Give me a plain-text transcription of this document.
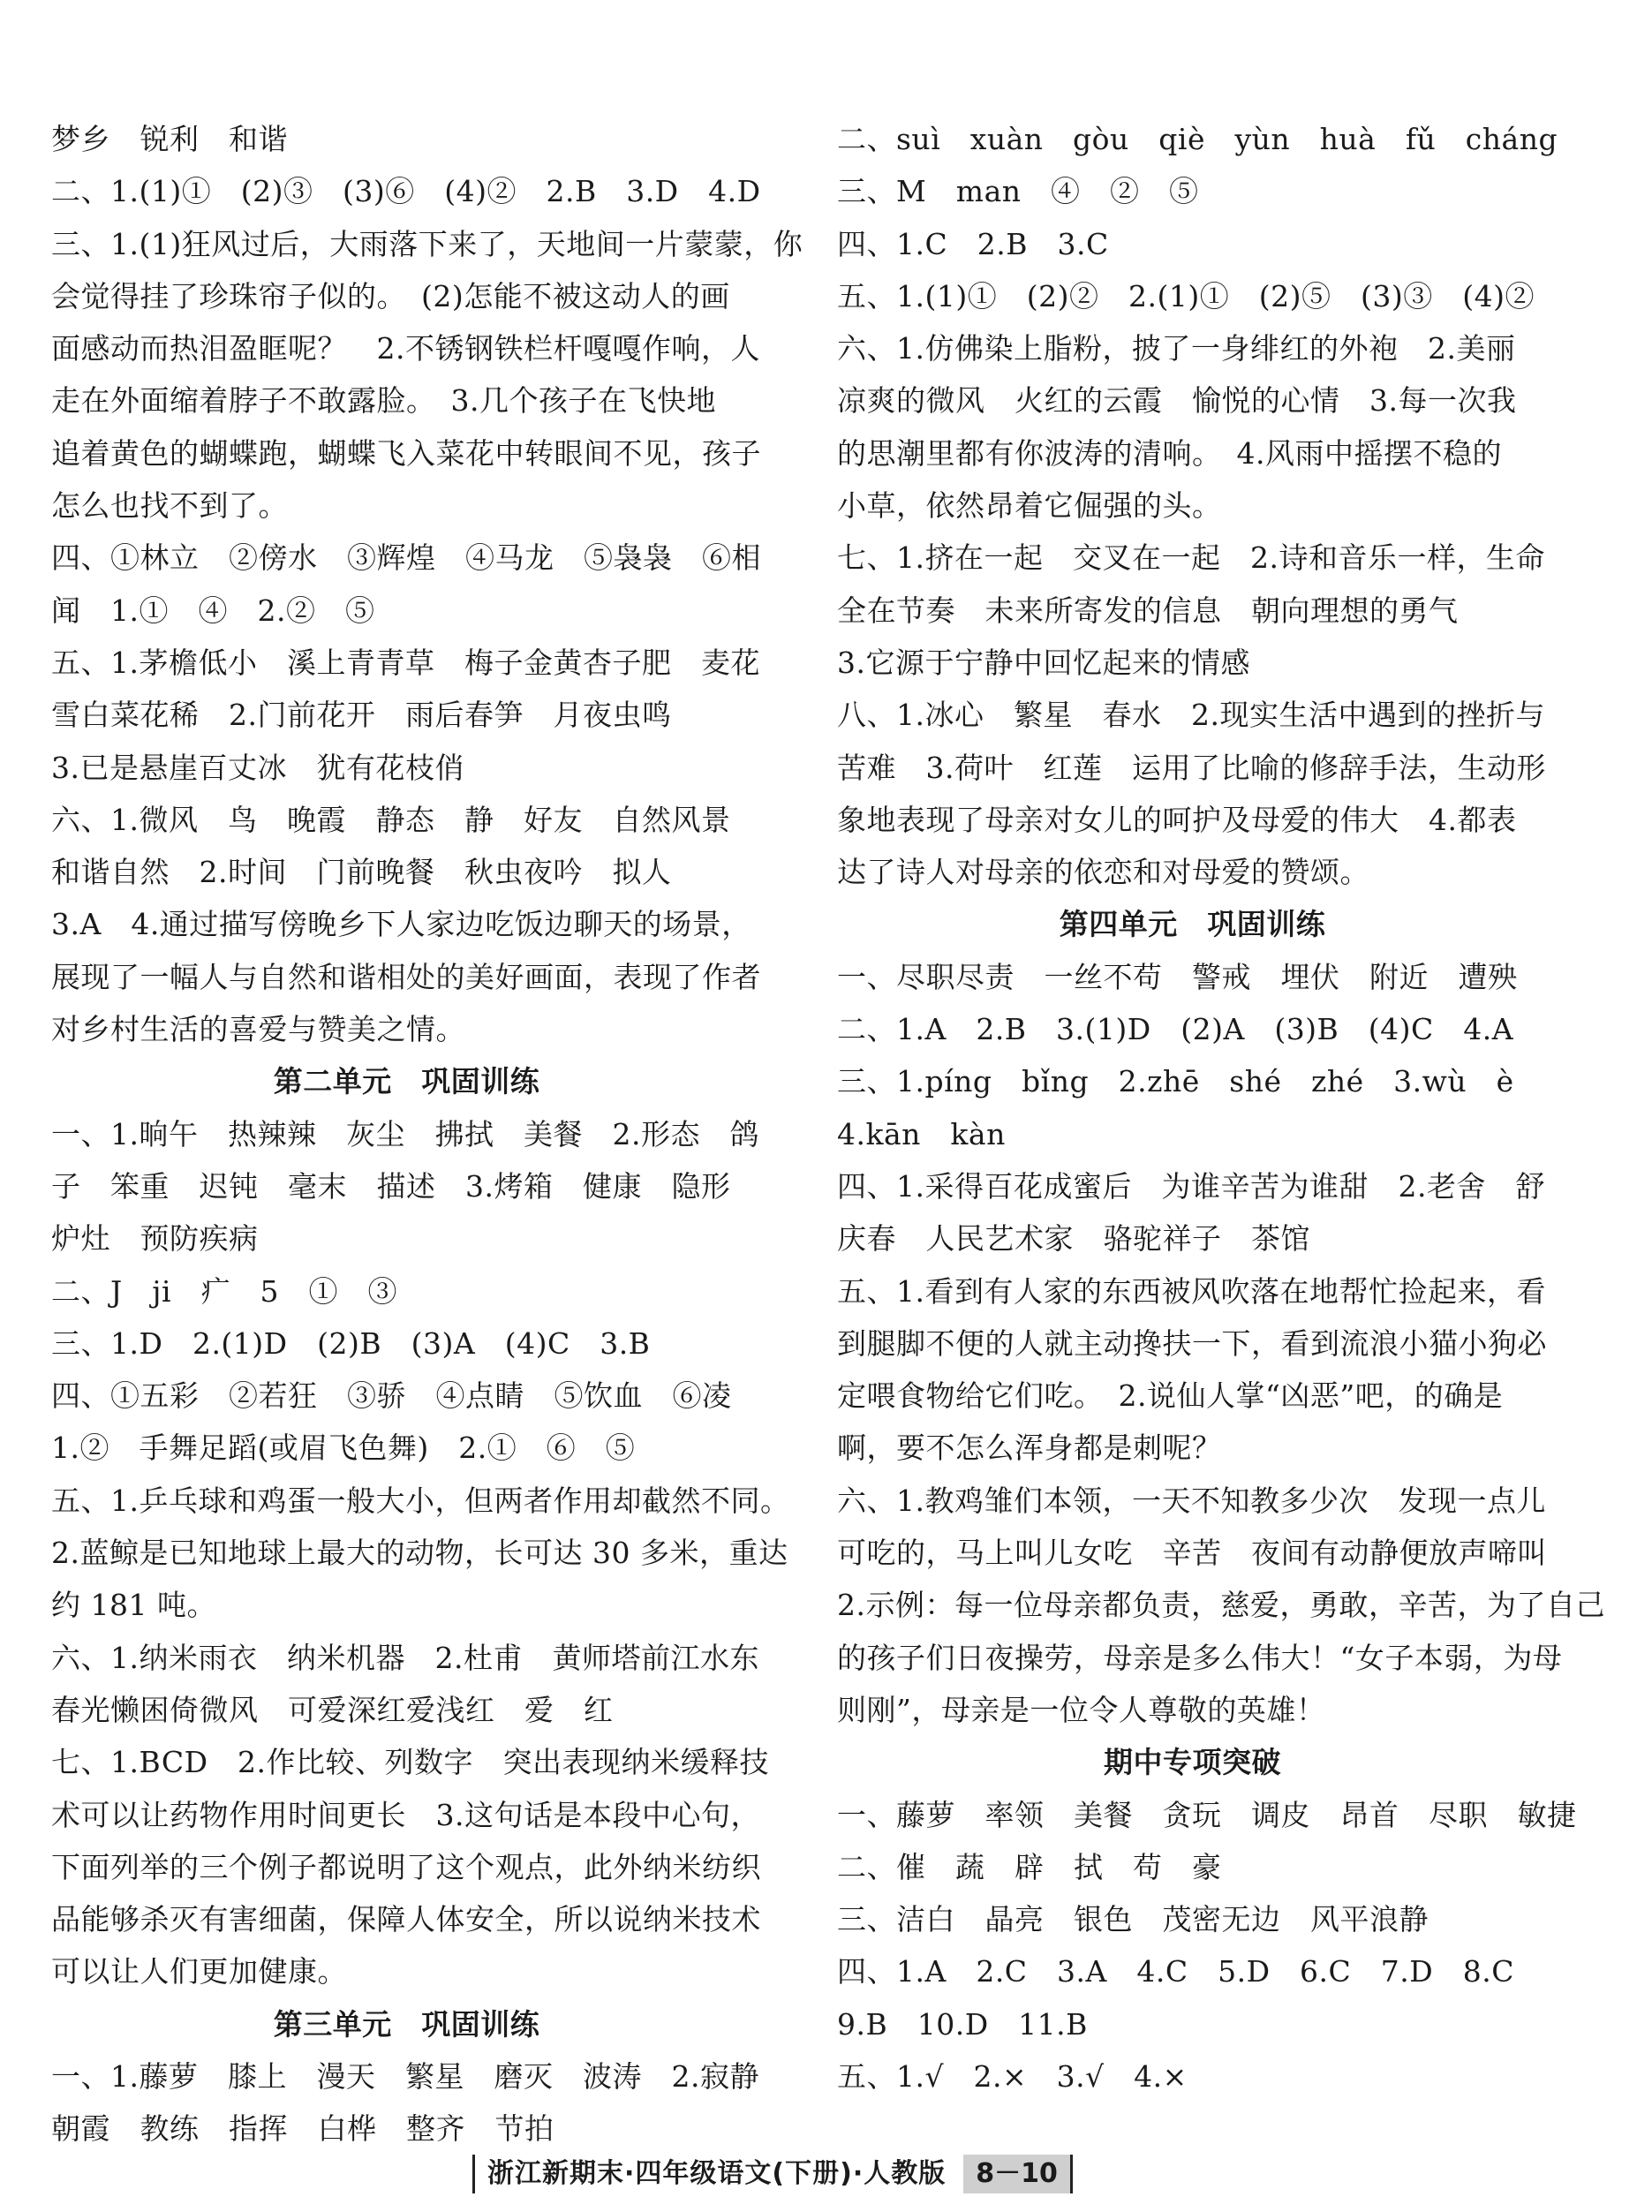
梦乡　锐利　和谐
二、1.(1)①　(2)③　(3)⑥　(4)②　2.B　3.D　4.D
三、1.(1)狂风过后，大雨落下来了，天地间一片蒙蒙，你
会觉得挂了珍珠帘子似的。　(2)怎能不被这动人的画
面感动而热泪盈眶呢？　2.不锈钢铁栏杆嘎嘎作响，人
走在外面缩着脖子不敢露脸。　3.几个孩子在飞快地
追着黄色的蝴蝶跑，蝴蝶飞入菜花中转眼间不见，孩子
怎么也找不到了。
四、①林立　②傍水　③辉煌　④马龙　⑤袅袅　⑥相
闻　1.①　④　2.②　⑤
五、1.茅檐低小　溪上青青草　梅子金黄杏子肥　麦花
雪白菜花稀　2.门前花开　雨后春笋　月夜虫鸣
3.已是悬崖百丈冰　犹有花枝俏
六、1.微风　鸟　晚霞　静态　静　好友　自然风景
和谐自然　2.时间　门前晚餐　秋虫夜吟　拟人
3.A　4.通过描写傍晚乡下人家边吃饭边聊天的场景，
展现了一幅人与自然和谐相处的美好画面，表现了作者
对乡村生活的喜爱与赞美之情。
第二单元　巩固训练
一、1.晌午　热辣辣　灰尘　拂拭　美餐　2.形态　鸽
子　笨重　迟钝　毫末　描述　3.烤箱　健康　隐形
炉灶　预防疾病
二、J　ji　疒　5　①　③
三、1.D　2.(1)D　(2)B　(3)A　(4)C　3.B
四、①五彩　②若狂　③骄　④点睛　⑤饮血　⑥凌
1.②　手舞足蹈(或眉飞色舞)　2.①　⑥　⑤
五、1.乒乓球和鸡蛋一般大小，但两者作用却截然不同。
2.蓝鲸是已知地球上最大的动物，长可达 30 多米，重达
约 181 吨。
六、1.纳米雨衣　纳米机器　2.杜甫　黄师塔前江水东
春光懒困倚微风　可爱深红爱浅红　爱　红
七、1.BCD　2.作比较、列数字　突出表现纳米缓释技
术可以让药物作用时间更长　3.这句话是本段中心句，
下面列举的三个例子都说明了这个观点，此外纳米纺织
品能够杀灭有害细菌，保障人体安全，所以说纳米技术
可以让人们更加健康。
第三单元　巩固训练
一、1.藤萝　膝上　漫天　繁星　磨灭　波涛　2.寂静
朝霞　教练　指挥　白桦　整齐　节拍
二、suì　xuàn　gòu　qiè　yùn　huà　fǔ　cháng
三、M　man　④　②　⑤
四、1.C　2.B　3.C
五、1.(1)①　(2)②　2.(1)①　(2)⑤　(3)③　(4)②
六、1.仿佛染上脂粉，披了一身绯红的外袍　2.美丽
凉爽的微风　火红的云霞　愉悦的心情　3.每一次我
的思潮里都有你波涛的清响。　4.风雨中摇摆不稳的
小草，依然昂着它倔强的头。
七、1.挤在一起　交叉在一起　2.诗和音乐一样，生命
全在节奏　未来所寄发的信息　朝向理想的勇气
3.它源于宁静中回忆起来的情感
八、1.冰心　繁星　春水　2.现实生活中遇到的挫折与
苦难　3.荷叶　红莲　运用了比喻的修辞手法，生动形
象地表现了母亲对女儿的呵护及母爱的伟大　4.都表
达了诗人对母亲的依恋和对母爱的赞颂。
第四单元　巩固训练
一、尽职尽责　一丝不苟　警戒　埋伏　附近　遭殃
二、1.A　2.B　3.(1)D　(2)A　(3)B　(4)C　4.A
三、1.píng　bǐng　2.zhē　shé　zhé　3.wù　è
4.kān　kàn
四、1.采得百花成蜜后　为谁辛苦为谁甜　2.老舍　舒
庆春　人民艺术家　骆驼祥子　茶馆
五、1.看到有人家的东西被风吹落在地帮忙捡起来，看
到腿脚不便的人就主动搀扶一下，看到流浪小猫小狗必
定喂食物给它们吃。　2.说仙人掌“凶恶”吧，的确是
啊，要不怎么浑身都是刺呢？
六、1.教鸡雏们本领，一天不知教多少次　发现一点儿
可吃的，马上叫儿女吃　辛苦　夜间有动静便放声啼叫
2.示例：每一位母亲都负责，慈爱，勇敢，辛苦，为了自己
的孩子们日夜操劳，母亲是多么伟大！“女子本弱，为母
则刚”，母亲是一位令人尊敬的英雄！
期中专项突破
一、藤萝　率领　美餐　贪玩　调皮　昂首　尽职　敏捷
二、催　蔬　辟　拭　苟　豪
三、洁白　晶亮　银色　茂密无边　风平浪静
四、1.A　2.C　3.A　4.C　5.D　6.C　7.D　8.C
9.B　10.D　11.B
五、1.√　2.×　3.√　4.×
浙江新期末·四年级语文(下册)·人教版	8－10
